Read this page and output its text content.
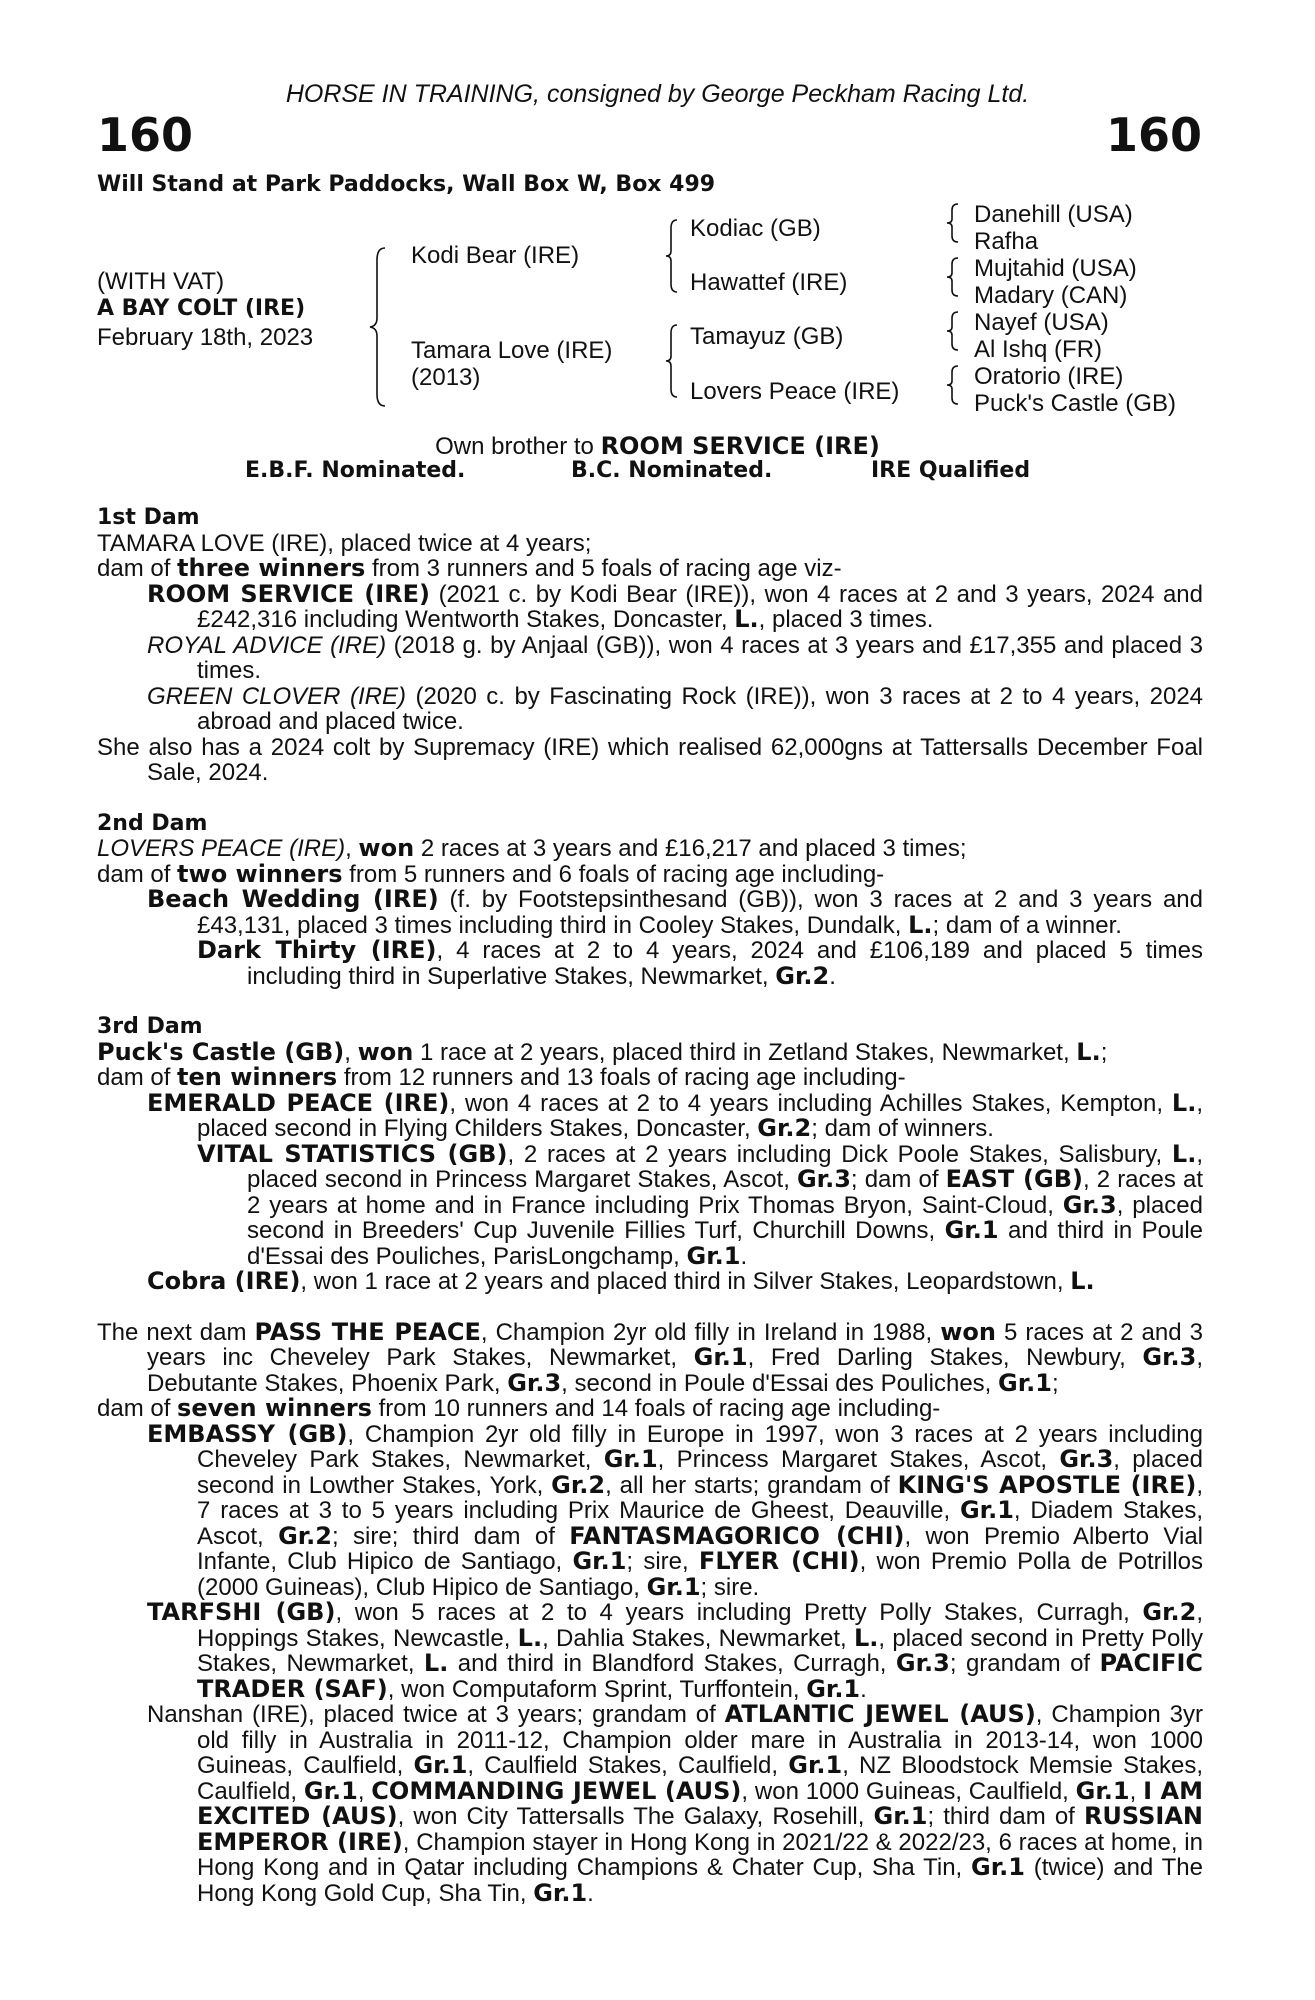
HORSE IN TRAINING, consigned by George Peckham Racing Ltd.
160	160
Will Stand at Park Paddocks, Wall Box W, Box 499
(WITH VAT)
A BAY COLT (IRE)
February 18th, 2023
Kodi Bear (IRE)
Tamara Love (IRE)
(2013)
Kodiac (GB)
Hawattef (IRE)
Tamayuz (GB)
Lovers Peace (IRE)
Danehill (USA)
Rafha
Mujtahid (USA)
Madary (CAN)
Nayef (USA)
Al Ishq (FR)
Oratorio (IRE)
Puck's Castle (GB)
Own brother to ROOM SERVICE (IRE)
E.B.F. Nominated.	B.C. Nominated.	IRE Qualified
1st Dam

TAMARA LOVE (IRE), placed twice at 4 years;

dam of three winners from 3 runners and 5 foals of racing age viz-

ROOM SERVICE (IRE) (2021 c. by Kodi Bear (IRE)), won 4 races at 2 and 3 years, 2024 and £242,316 including Wentworth Stakes, Doncaster, L., placed 3 times.

ROYAL ADVICE (IRE) (2018 g. by Anjaal (GB)), won 4 races at 3 years and £17,355 and placed 3 times.

GREEN CLOVER (IRE) (2020 c. by Fascinating Rock (IRE)), won 3 races at 2 to 4 years, 2024 abroad and placed twice.

She also has a 2024 colt by Supremacy (IRE) which realised 62,000gns at Tattersalls December Foal Sale, 2024.

2nd Dam

LOVERS PEACE (IRE), won 2 races at 3 years and £16,217 and placed 3 times;

dam of two winners from 5 runners and 6 foals of racing age including-

Beach Wedding (IRE) (f. by Footstepsinthesand (GB)), won 3 races at 2 and 3 years and £43,131, placed 3 times including third in Cooley Stakes, Dundalk, L.; dam of a winner.

Dark Thirty (IRE), 4 races at 2 to 4 years, 2024 and £106,189 and placed 5 times including third in Superlative Stakes, Newmarket, Gr.2.

3rd Dam

Puck's Castle (GB), won 1 race at 2 years, placed third in Zetland Stakes, Newmarket, L.;

dam of ten winners from 12 runners and 13 foals of racing age including-

EMERALD PEACE (IRE), won 4 races at 2 to 4 years including Achilles Stakes, Kempton, L., placed second in Flying Childers Stakes, Doncaster, Gr.2; dam of winners.

VITAL STATISTICS (GB), 2 races at 2 years including Dick Poole Stakes, Salisbury, L., placed second in Princess Margaret Stakes, Ascot, Gr.3; dam of EAST (GB), 2 races at 2 years at home and in France including Prix Thomas Bryon, Saint-Cloud, Gr.3, placed second in Breeders' Cup Juvenile Fillies Turf, Churchill Downs, Gr.1 and third in Poule d'Essai des Pouliches, ParisLongchamp, Gr.1.

Cobra (IRE), won 1 race at 2 years and placed third in Silver Stakes, Leopardstown, L.

The next dam PASS THE PEACE, Champion 2yr old filly in Ireland in 1988, won 5 races at 2 and 3 years inc Cheveley Park Stakes, Newmarket, Gr.1, Fred Darling Stakes, Newbury, Gr.3, Debutante Stakes, Phoenix Park, Gr.3, second in Poule d'Essai des Pouliches, Gr.1;

dam of seven winners from 10 runners and 14 foals of racing age including-

EMBASSY (GB), Champion 2yr old filly in Europe in 1997, won 3 races at 2 years including Cheveley Park Stakes, Newmarket, Gr.1, Princess Margaret Stakes, Ascot, Gr.3, placed second in Lowther Stakes, York, Gr.2, all her starts; grandam of KING'S APOSTLE (IRE), 7 races at 3 to 5 years including Prix Maurice de Gheest, Deauville, Gr.1, Diadem Stakes, Ascot, Gr.2; sire; third dam of FANTASMAGORICO (CHI), won Premio Alberto Vial Infante, Club Hipico de Santiago, Gr.1; sire, FLYER (CHI), won Premio Polla de Potrillos (2000 Guineas), Club Hipico de Santiago, Gr.1; sire.

TARFSHI (GB), won 5 races at 2 to 4 years including Pretty Polly Stakes, Curragh, Gr.2, Hoppings Stakes, Newcastle, L., Dahlia Stakes, Newmarket, L., placed second in Pretty Polly Stakes, Newmarket, L. and third in Blandford Stakes, Curragh, Gr.3; grandam of PACIFIC TRADER (SAF), won Computaform Sprint, Turffontein, Gr.1.

Nanshan (IRE), placed twice at 3 years; grandam of ATLANTIC JEWEL (AUS), Champion 3yr old filly in Australia in 2011-12, Champion older mare in Australia in 2013-14, won 1000 Guineas, Caulfield, Gr.1, Caulfield Stakes, Caulfield, Gr.1, NZ Bloodstock Memsie Stakes, Caulfield, Gr.1, COMMANDING JEWEL (AUS), won 1000 Guineas, Caulfield, Gr.1, I AM EXCITED (AUS), won City Tattersalls The Galaxy, Rosehill, Gr.1; third dam of RUSSIAN EMPEROR (IRE), Champion stayer in Hong Kong in 2021/22 & 2022/23, 6 races at home, in Hong Kong and in Qatar including Champions & Chater Cup, Sha Tin, Gr.1 (twice) and The Hong Kong Gold Cup, Sha Tin, Gr.1.
